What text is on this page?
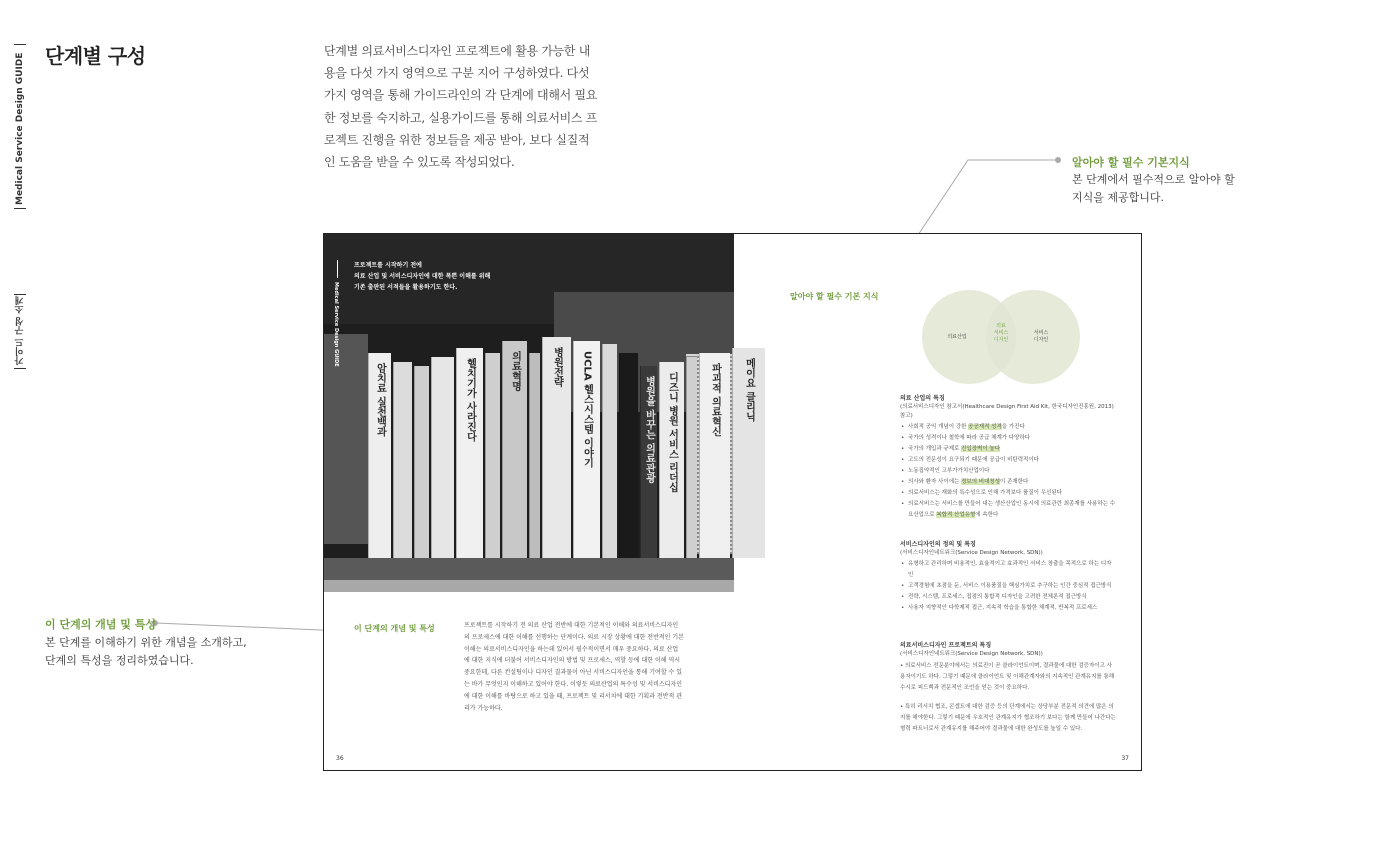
Medical Service Design GUIDE
가이드 구성 소개
단계별 구성	단계별 의료서비스디자인 프로젝트에 활용 가능한 내용을 다섯 가지 영역으로 구분 지어 구성하였다. 다섯가지 영역을 통해 가이드라인의 각 단계에 대해서 필요한 정보를 숙지하고, 실용가이드를 통해 의료서비스 프로젝트 진행을 위한 정보들을 제공 받아, 보다 실질적인 도움을 받을 수 있도록 작성되었다.	알아야 할 필수 기본지식

본 단계에서 필수적으로 알아야 할
지식을 제공합니다.

이 단계의 개념 및 특성

본 단계를 이해하기 위한 개념을 소개하고,
단계의 특성을 정리하였습니다.

암치료 실천백과	헬치기가 사라진다	의료혁명	병원전략 UCLA 헬스시스템 이야기	병원을 바꾸는 의료관광 디즈니 병원 서비스 리더십	파괴적 의료혁신 메이요 클리닉

프로젝트를 시작하기 전에
의료 산업 및 서비스디자인에 대한 폭쁜 이해를 위해
기존 출판된 서적들을 활용하기도 한다.

Medical Service Design GUIDE
이 단계의 개념 및 특성	프로젝트를 시작하기 전 의료 산업 전반에 대한 기본적인 이해와 의료서비스디자인의 프로세스에 대한 이해를 선행하는 단계이다. 의료 시장 상황에 대한 전반적인 기본 이해는 의료서비스디자인을 하는데 있어서 필수적이면서 매우 중요하다. 의료 산업에 대한 지식에 더불어 서비스디자인의 방법 및 프로세스, 역할 등에 대한 이해 역시 중요한데, 다른 컨설팅이나 디자인 결과물이 아닌 서비스디자인을 통해 기여할 수 있는 바가 무엇인지 이해하고 있어야 한다. 이렇듯 의료산업의 특수성 및 서비스디자인에 대한 이해를 바탕으로 하고 있을 때, 프로젝트 및 리서치에 대한 기획과 전반적 관리가 가능하다.

36
알아야 할 필수 기본 지식
의료산업
의료
서비스
디자인
서비스
디자인
의료 산업의 특징

(의료서비스디자인 참고서(Healthcare Design First Aid Kit, 한국디자인진흥원, 2013) 참고)

• 사회적 공익 개념이 강한 공공재적 성격을 가진다
• 국가의 성격이나 철학에 따라 공급 체계가 다양하다
• 국가의 개입과 규제로 진입장벽이 높다
• 고도의 전문성이 요구되기 때문에 공급이 비탄력적이다
• 노동집약적인 고부가가치산업이다
• 의사와 환자 사이에는 정보의 비대칭성이 존재한다
• 의료서비스는 재화의 특수성으로 인해 가격보다 품질이 우선된다
• 의료서비스는 서비스를 만들어 내는 생산산업인 동시에 의료관련 최종재를 사용하는 수요산업으로 복합적 산업유형에 속한다
서비스디자인의 정의 및 특징

(서비스디자인네트워크(Service Design Network, SDN))

• 유형하고 관리하며 비용적인, 효율적이고 효과적인 서비스 창출을 목적으로 하는 디자인
• 고객경험에 초점을 둔, 서비스 이용품질을 핵심가치로 추구하는 인간 중심적 접근방식
• 전략, 시스템, 프로세스, 접점의 통합적 디자인을 고려한 전체론적 접근방식
• 사용자 지향적인 다학제적 접근, 지속적 학습을 통합한 체계적, 반복적 프로세스
의료서비스디자인 프로젝트의 특징

(서비스디자인네트워크(Service Design Network, SDN))

• 의료서비스 전문분야에서는 의료진이 곧 클라이언트이며, 결과물에 대한 검증자이고 사용자이기도 하다. 그렇기 때문에 클라이언트 및 이해관계자와의 지속적인 관계유지를 통해 수시로 피드백과 전문적인 조언을 얻는 것이 중요하다.

• 특히 리서치 협조, 콘셉트에 대한 검증 등의 단계에서는 상당부분 전문적 의견에 많은 의지를 해야한다. 그렇기 때문에 우호적인 관계유지가 협조하기 보다는 함께 만들어 나간다는 형력 파트너로서 관계유지를 해주어야 결과물에 대한 완성도를 높일 수 있다.

37
